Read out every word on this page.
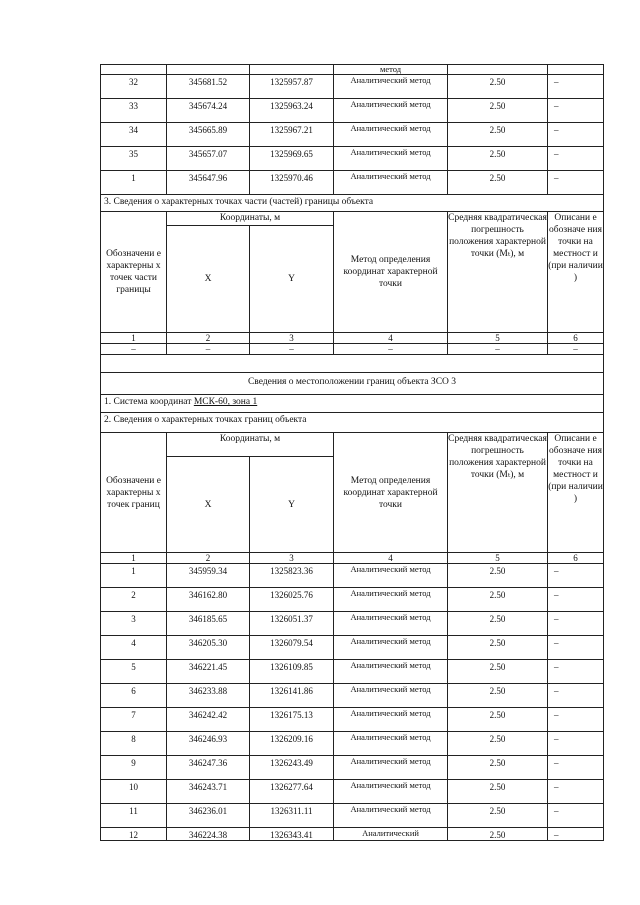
			метод		
32	345681.52	1325957.87	Аналитический метод	2.50	–
33	345674.24	1325963.24	Аналитический метод	2.50	–
34	345665.89	1325967.21	Аналитический метод	2.50	–
35	345657.07	1325969.65	Аналитический метод	2.50	–
1	345647.96	1325970.46	Аналитический метод	2.50	–
3. Сведения о характерных точках части (частей) границы объекта					
Обозначени е характерны х точек части границы	Координаты, м		Метод определения координат характерной точки	Средняя квадратическая погрешность положения характерной точки (Mₜ), м	Описани е обозначе ния точки на местност и (при наличии )
	X	Y			
1	2	3	4	5	6
–	–	–	–	–	–

Сведения о местоположении границ объекта ЗСО 3					
1. Система координат МСК-60, зона 1					
2. Сведения о характерных точках границ объекта					
Обозначени е характерны х точек границ	Координаты, м		Метод определения координат характерной точки	Средняя квадратическая погрешность положения характерной точки (Mₜ), м	Описани е обозначе ния точки на местност и (при наличии )
	X	Y			
1	2	3	4	5	6
1	345959.34	1325823.36	Аналитический метод	2.50	–
2	346162.80	1326025.76	Аналитический метод	2.50	–
3	346185.65	1326051.37	Аналитический метод	2.50	–
4	346205.30	1326079.54	Аналитический метод	2.50	–
5	346221.45	1326109.85	Аналитический метод	2.50	–
6	346233.88	1326141.86	Аналитический метод	2.50	–
7	346242.42	1326175.13	Аналитический метод	2.50	–
8	346246.93	1326209.16	Аналитический метод	2.50	–
9	346247.36	1326243.49	Аналитический метод	2.50	–
10	346243.71	1326277.64	Аналитический метод	2.50	–
11	346236.01	1326311.11	Аналитический метод	2.50	–
12	346224.38	1326343.41	Аналитический	2.50	–
